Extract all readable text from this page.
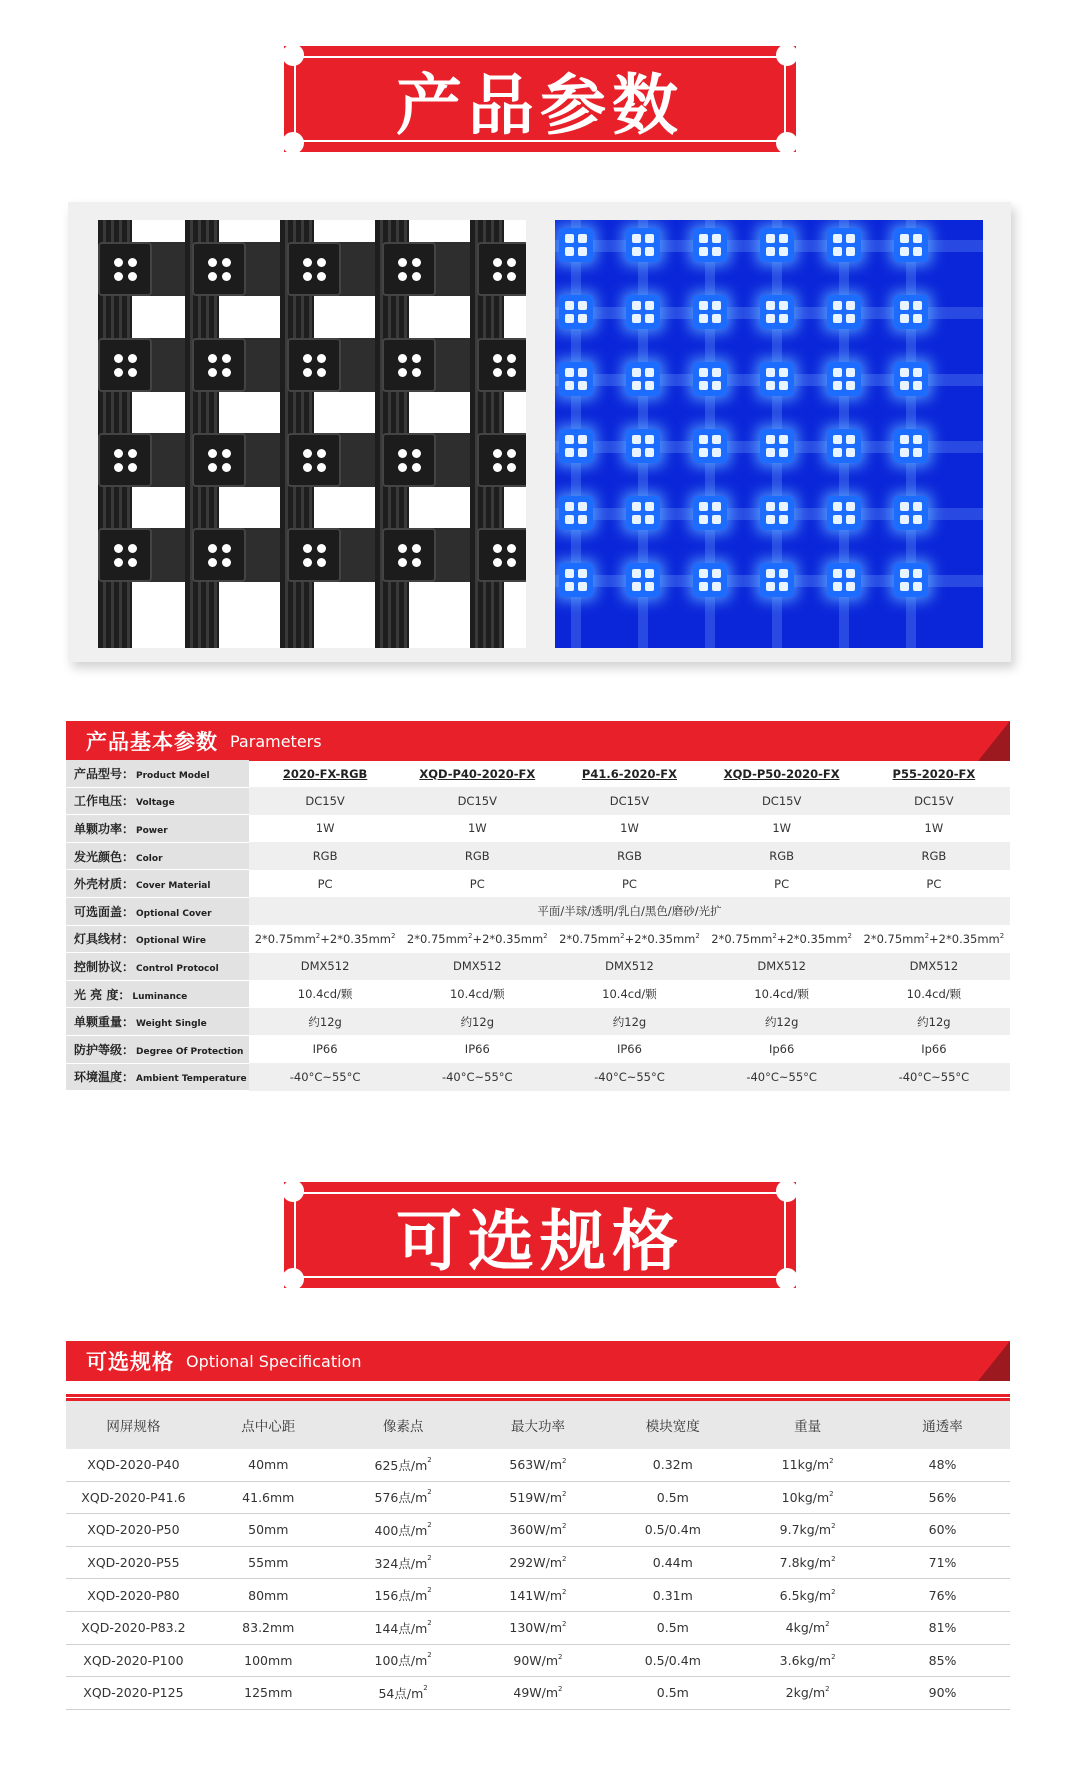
产品参数
产品基本参数 Parameters
产品型号： Product Model	2020-FX-RGB	XQD-P40-2020-FX	P41.6-2020-FX	XQD-P50-2020-FX	P55-2020-FX
工作电压： Voltage	DC15V	DC15V	DC15V	DC15V	DC15V
单颗功率： Power	1W	1W	1W	1W	1W
发光颜色： Color	RGB	RGB	RGB	RGB	RGB
外壳材质： Cover Material	PC	PC	PC	PC	PC
可选面盖： Optional Cover	平面/半球/透明/乳白/黑色/磨砂/光扩				
灯具线材： Optional Wire	$2*0.75mm^2+2*0.35mm^2$	$2*0.75mm^2+2*0.35mm^2$	$2*0.75mm^2+2*0.35mm^2$	$2*0.75mm^2+2*0.35mm^2$	$2*0.75mm^2+2*0.35mm^2$
控制协议： Control Protocol	DMX512	DMX512	DMX512	DMX512	DMX512
光 亮 度： Luminance	10.4cd/颗	10.4cd/颗	10.4cd/颗	10.4cd/颗	10.4cd/颗
单颗重量： Weight Single	约12g	约12g	约12g	约12g	约12g
防护等级： Degree Of Protection	IP66	IP66	IP66	Ip66	Ip66
环境温度： Ambient Temperature	-40°C~55°C	-40°C~55°C	-40°C~55°C	-40°C~55°C	-40°C~55°C
可选规格
可选规格 Optional Specification
网屏规格	点中心距	像素点	最大功率	模块宽度	重量	通透率
XQD-2020-P40	40mm	625点$/m^2$	$563W/m^2$	0.32m	$11kg/m^2$	48%
XQD-2020-P41.6	41.6mm	576点$/m^2$	$519W/m^2$	0.5m	$10kg/m^2$	56%
XQD-2020-P50	50mm	400点$/m^2$	$360W/m^2$	0.5/0.4m	$9.7kg/m^2$	60%
XQD-2020-P55	55mm	324点$/m^2$	$292W/m^2$	0.44m	$7.8kg/m^2$	71%
XQD-2020-P80	80mm	156点$/m^2$	$141W/m^2$	0.31m	$6.5kg/m^2$	76%
XQD-2020-P83.2	83.2mm	144点$/m^2$	$130W/m^2$	0.5m	$4kg/m^2$	81%
XQD-2020-P100	100mm	100点$/m^2$	$90W/m^2$	0.5/0.4m	$3.6kg/m^2$	85%
XQD-2020-P125	125mm	54点$/m^2$	$49W/m^2$	0.5m	$2kg/m^2$	90%
